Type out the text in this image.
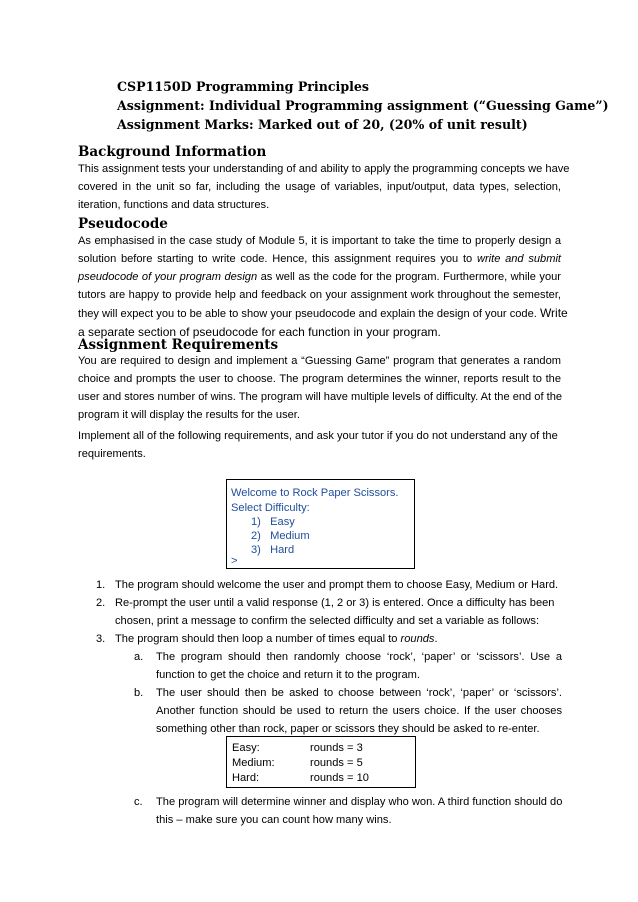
CSP1150D Programming Principles
Assignment: Individual Programming assignment (“Guessing Game”)
Assignment Marks: Marked out of 20, (20% of unit result)
Background Information
This assignment tests your understanding of and ability to apply the programming concepts we have
covered in the unit so far, including the usage of variables, input/output, data types, selection,
iteration, functions and data structures.
Pseudocode
As emphasised in the case study of Module 5, it is important to take the time to properly design a
solution before starting to write code. Hence, this assignment requires you to write and submit
pseudocode of your program design as well as the code for the program. Furthermore, while your
tutors are happy to provide help and feedback on your assignment work throughout the semester,
they will expect you to be able to show your pseudocode and explain the design of your code. Write
a separate section of pseudocode for each function in your program.
Assignment Requirements
You are required to design and implement a “Guessing Game” program that generates a random
choice and prompts the user to choose. The program determines the winner, reports result to the
user and stores number of wins. The program will have multiple levels of difficulty. At the end of the
program it will display the results for the user.
Implement all of the following requirements, and ask your tutor if you do not understand any of the
requirements.
Welcome to Rock Paper Scissors.
Select Difficulty:
1) Easy
2) Medium
3) Hard
>
1. The program should welcome the user and prompt them to choose Easy, Medium or Hard.
2. Re-prompt the user until a valid response (1, 2 or 3) is entered. Once a difficulty has been
chosen, print a message to confirm the selected difficulty and set a variable as follows:
3. The program should then loop a number of times equal to rounds.
a. The program should then randomly choose ‘rock’, ‘paper’ or ‘scissors’. Use a
function to get the choice and return it to the program.
b. The user should then be asked to choose between ‘rock’, ‘paper’ or ‘scissors’.
Another function should be used to return the users choice. If the user chooses
something other than rock, paper or scissors they should be asked to re-enter.
c. The program will determine winner and display who won. A third function should do
this – make sure you can count how many wins.
Easy:	rounds = 3
Medium:	rounds = 5
Hard:	rounds = 10
